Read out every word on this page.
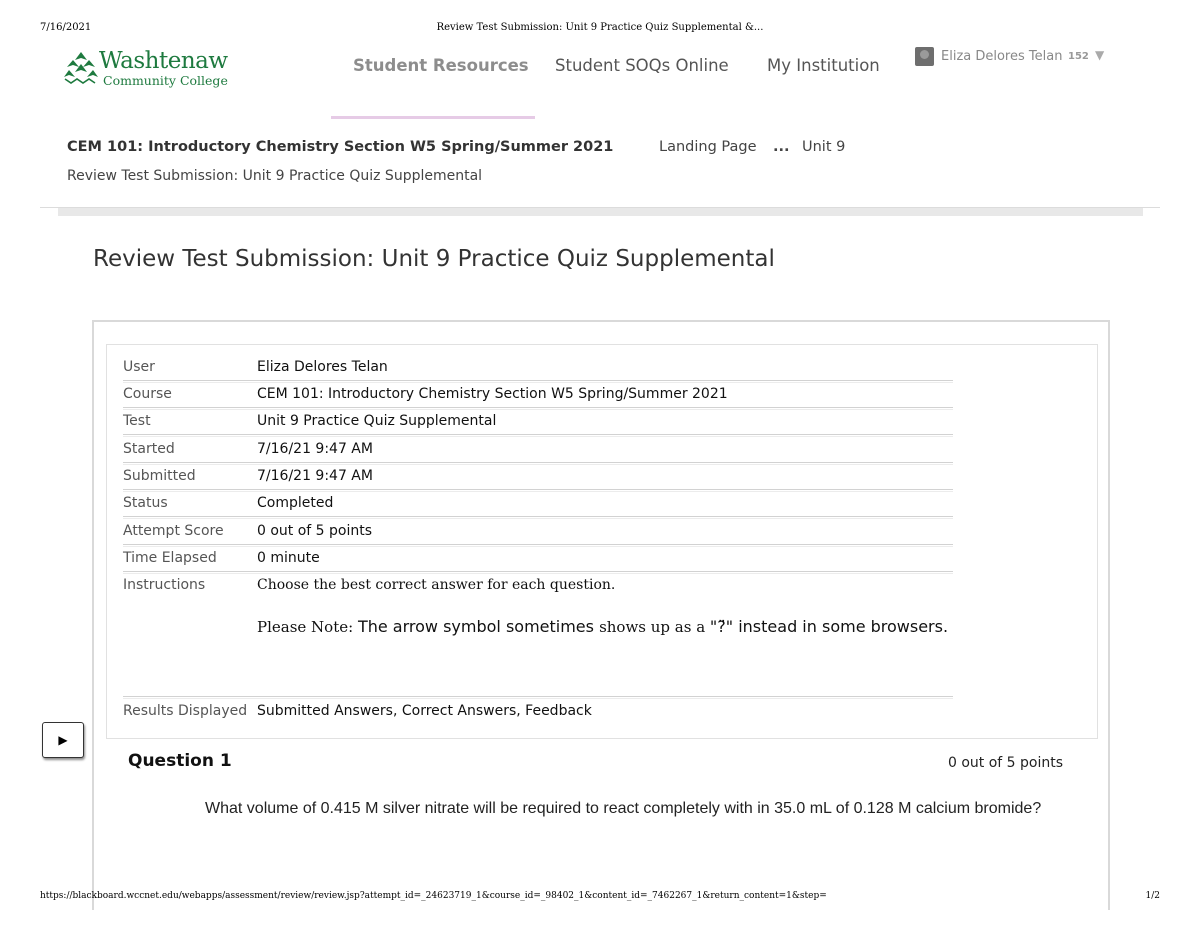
7/16/2021	Review Test Submission: Unit 9 Practice Quiz Supplemental &...
Washtenaw
Community College
Student Resources Student SOQs Online My Institution	Eliza Delores Telan 152 ▼
CEM 101: Introductory Chemistry Section W5 Spring/Summer 2021	Landing Page ... Unit 9
Review Test Submission: Unit 9 Practice Quiz Supplemental
Review Test Submission: Unit 9 Practice Quiz Supplemental
User	Eliza Delores Telan
Course	CEM 101: Introductory Chemistry Section W5 Spring/Summer 2021
Test	Unit 9 Practice Quiz Supplemental
Started	7/16/21 9:47 AM
Submitted	7/16/21 9:47 AM
Status	Completed
Attempt Score 0 out of 5 points
Time Elapsed	0 minute
Instructions	Choose the best correct answer for each question.
Please Note: The arrow symbol sometimes shows up as a "?̈" instead in some browsers.
Results Displayed Submitted Answers, Correct Answers, Feedback
▶
Question 1	0 out of 5 points
What volume of 0.415 M silver nitrate will be required to react completely with in 35.0 mL of 0.128 M calcium bromide?
https://blackboard.wccnet.edu/webapps/assessment/review/review.jsp?attempt_id=_24623719_1&course_id=_98402_1&content_id=_7462267_1&return_content=1&step=	1/2
